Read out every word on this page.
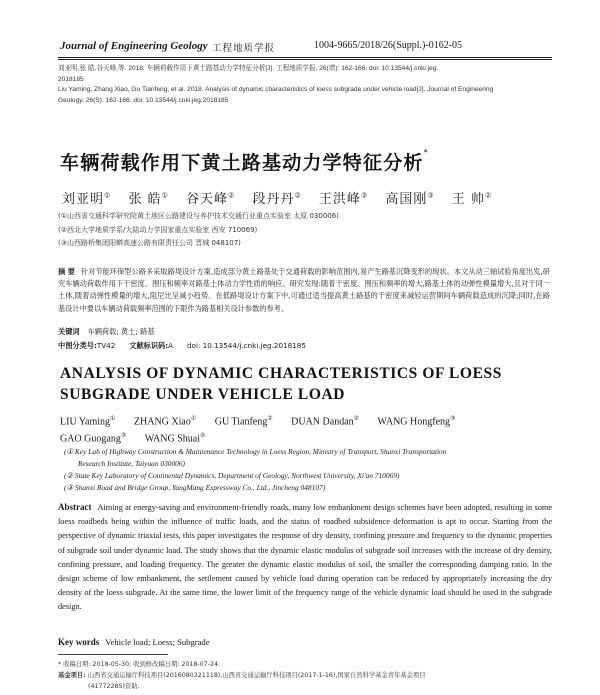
Journal of Engineering Geology 工程地质学报	1004-9665/2018/26(Suppl.)-0162-05

刘亚明,张 皓,谷天峰,等. 2018. 车辆荷载作用下黄土路基动力学特征分析[J]. 工程地质学报, 26(增): 162-166. doi: 10.13544/j.cnki.jeg.

2018185

Liu Yaming, Zhang Xiao, Gu Tianfeng, et al. 2018. Analysis of dynamic characteristics of loess subgrade under vehicle load[J]. Journal of Engineering

Geology, 26(S): 162-166. doi: 10.13544/j.cnki.jeg.2018185

车辆荷载作用下黄土路基动力学特征分析*
刘亚明① 张 皓① 谷天峰② 段丹丹② 王洪峰③ 高国刚③ 王 帅②

(①山西省交通科学研究院黄土地区公路建设与养护技术交通行业重点实验室 太原 030006)

(②西北大学地质学系/大陆动力学国家重点实验室 西安 710069)

(③山西路桥集团阳蟒高速公路有限责任公司 晋城 048107)

摘 要 针对节能环保型公路多采取路堤设计方案,造成部分黄土路基处于交通荷载的影响范围内,易产生路基沉降变形的现状。本文从动三轴试验角度出发,研究车辆动荷载作用下干密度、围压和频率对路基土体动力学性质的响应。研究发现:随着干密度、围压和频率的增大,路基土体的动弹性模量增大,且对于同一土体,随着动弹性模量的增大,阻尼比呈减小趋势。在低路堤设计方案下中,可通过适当提高黄土路基的干密度来减轻运营期间车辆荷载造成的沉降;同时,在路基设计中要以车辆动荷载频率范围的下限作为路基相关设计参数的参考。
关键词 车辆荷载; 黄土; 路基
中图分类号:TV42 文献标识码:A doi: 10.13544/j.cnki.jeg.2018185
ANALYSIS OF DYNAMIC CHARACTERISTICS OF LOESS SUBGRADE UNDER VEHICLE LOAD
LIU Yaming① ZHANG Xiao① GU Tianfeng② DUAN Dandan② WANG Hongfeng③ GAO Guogang③ WANG Shuai②

(① Key Lab of Highway Construction & Maintenance Technology in Loess Region, Ministry of Transport, Shanxi Transportation

Research Institute, Taiyuan 030006)

(② State Key Laboratory of Continental Dynamics, Department of Geology, Northwest University, Xi'an 710069)

(③ Shanxi Road and Bridge Group, YangMang Expressway Co., Ltd., Jincheng 048107)

Abstract Aiming at energy-saving and environment-friendly roads, many low embankment design schemes have been adopted, resulting in some loess roadbeds being within the influence of traffic loads, and the status of roadbed subsidence deformation is apt to occur. Starting from the perspective of dynamic triaxial tests, this paper investigates the response of dry density, confining pressure and frequency to the dynamic properties of subgrade soil under dynamic load. The study shows that the dynamic elastic modulus of subgrade soil increases with the increase of dry density, confining pressure, and loading frequency. The greater the dynamic elastic modulus of soil, the smaller the corresponding damping ratio. In the design scheme of low embankment, the settlement caused by vehicle load during operation can be reduced by appropriately increasing the dry density of the loess subgrade. At the same time, the lower limit of the frequency range of the vehicle dynamic load should be used in the subgrade design.
Key words Vehicle load; Loess; Subgrade

* 收稿日期: 2018-05-30; 收到修改稿日期: 2018-07-24.

基金项目: 山西省交通运输厅科技项目(2016080321118),山西省交通运输厅科技项目(2017-1-16),国家自然科学基金青年基金项目

(41772285)资助.
